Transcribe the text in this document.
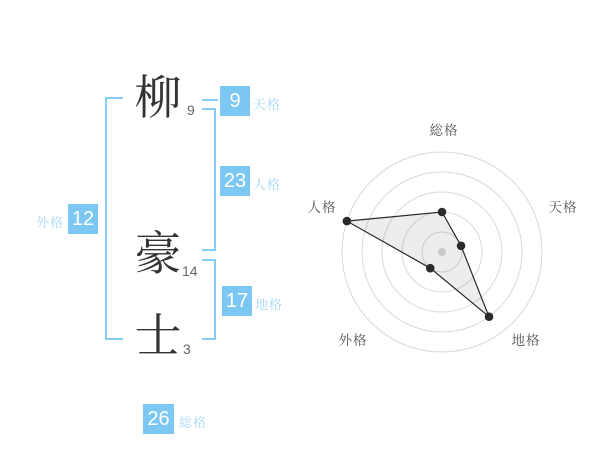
柳 9
豪 14
士 3
9 天格
23 人格
17 地格
12
外格
26 総格
総格
天格
地格
外格
人格
